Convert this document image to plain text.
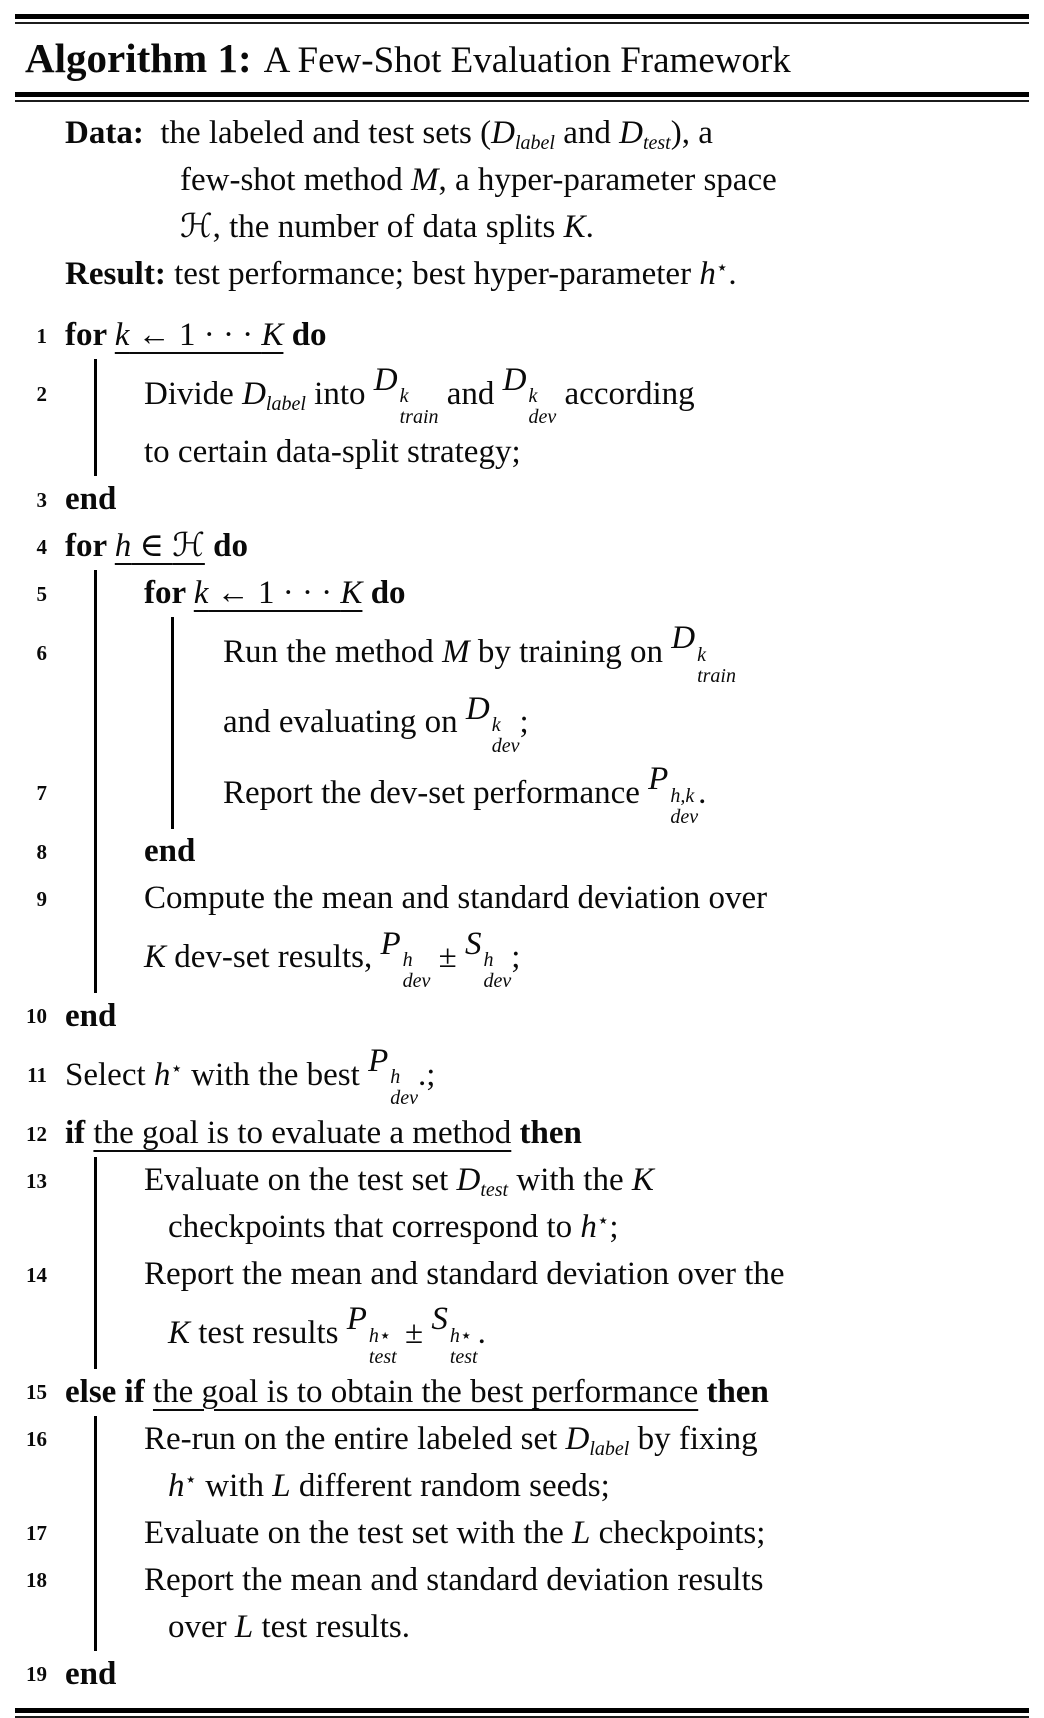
Algorithm 1: A Few-Shot Evaluation Framework
Data: the labeled and test sets ( $D_{label}$ and $D_{test}$ ), a
few-shot method M , a hyper-parameter space
ℋ , the number of data splits K .
Result: test performance; best hyper-parameter h⋆ .
1 for k ← 1 · · · K
do
2	Divide $D_{label}$ into D k
train
and D k
dev
according
to certain data-split strategy;
3 end
4 for h ∈ ℋ
do
5	for k ← 1 · · · K
do
6	Run the method M by training on D k
train
and evaluating on D k
dev
;
7	Report the dev-set performance P h,k
dev
.
8	end
9	Compute the mean and standard deviation over
K dev-set results, P h
dev
± S h
dev
;
10 end
11 Select h⋆ with the best P h
dev
.;
12 if the goal is to evaluate a method
then
13	Evaluate on the test set $D_{test}$ with the K
checkpoints that correspond to h⋆ ;
14	Report the mean and standard deviation over the
K test results P h⋆
test
± S h⋆
test
.
15 else if the goal is to obtain the best performance
then
16	Re-run on the entire labeled set $D_{label}$ by fixing
h⋆ with L different random seeds;
17	Evaluate on the test set with the L checkpoints;
18	Report the mean and standard deviation results
over L test results.
19 end
